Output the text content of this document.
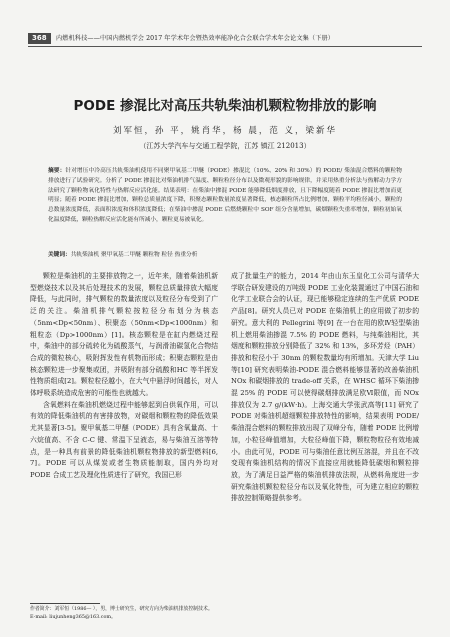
368	内燃机科技——中国内燃机学会 2017 年学术年会暨热效率能净化合会联合学术年会论文集（下册）
PODE 掺混比对高压共轨柴油机颗粒物排放的影响
刘军恒，孙 平，姚肖华，杨 晨，范 义，梁新华
（江苏大学汽车与交通工程学院，江苏 镇江 212013）
摘要：针对增压中冷高压共轨柴油机使用不同聚甲氧基二甲醚（PODE）掺混比（10%、20% 和 30%）的 PODE/ 柴油混合燃料的颗粒物排放进行了试验研究。分析了 PODE 掺混比对柴油机排气温度、颗粒粒径分布以及微观形貌的影响规律，并采用热重分析法与热解动力学方法研究了颗粒物氧化特性与热解反应活化能。结果表明：在柴油中掺混 PODE 能够降低烟度排放，且下降幅度随着 PODE 掺混比增加而更明显；随着 PODE 掺混比增加，颗粒总质量浓度下降，积聚态颗粒数量浓度显著降低，核态颗粒所占比例增加，颗粒平均粒径减小，颗粒的总数量浓度降低，表面积浓度和体积浓度降低；在柴油中掺混 PODE 后燃烧颗粒中 SOF 组分含量增加，碳烟颗粒失重率增加，颗粒初始氧化温度降低，颗粒热解反应活化能有所减小，颗粒更易被氧化。
关键词：共轨柴油机 聚甲氧基二甲醚 颗粒物 粒径 热重分析

颗粒是柴油机的主要排放物之一，近年来，随着柴油机新型燃烧技术以及其后处理技术的发展，颗粒总质量排放大幅度降低，与此同时，排气颗粒的数量浓度以及粒径分布受到了广泛的关注。柴油机排气颗粒按粒径分布划分为核态（5nm<Dp<50nm）、积聚态（50nm<Dp<1000nm）和粗粒态（Dp>1000nm）[1]。核态颗粒是在缸内燃烧过程中，柴油中的部分硫转化为硫酸蒸气，与润滑油碳氢化合物结合成的微粒核心，吸附挥发性有机物而形成；积聚态颗粒是由核态颗粒进一步聚集或团，并吸附有部分硫酸和HC 等半挥发性物质组成[2]。颗粒粒径越小，在大气中悬浮时间越长，对人体呼吸系统造成危害的可能性也就越大。

含氧燃料在柴油机燃烧过程中能够起到自供氧作用，可以有效的降低柴油机的有害排放物，对碳烟和颗粒物的降低效果尤其显著[3-5]。聚甲氧基二甲醚（PODE）具有含氧量高、十六烷值高、不含 C-C 键、常温下呈液态，易与柴油互溶等特点，是一种具有前景的降低柴油机颗粒物排放的新型燃料[6, 7]。PODE 可以从煤炭或者生物质能制取，国内外均对 PODE 合成工艺及理化性质进行了研究，我国已形

成了批量生产的能力，2014 年由山东玉皇化工公司与清华大学联合研发建设的万吨级 PODE 工业化装置通过了中国石油和化学工业联合会的认证，现已能够稳定连续的生产优质 PODE 产品[8]。研究人员已对 PODE 在柴油机上的应用做了初步的研究。意大利的 Pellegrini 等[9] 在一台在用的欧Ⅳ轻型柴油机上燃用柴油掺混 7.5% 的 PODE 燃料，与纯柴油相比，其烟度和颗粒排放分别降低了 32% 和 13%，多环芳烃（PAH）排放和粒径小于 30nm 的颗粒数量均有所增加。天津大学 Liu 等[10] 研究表明柴油-PODE 混合燃料能够显著的改善柴油机 NOx 和碳烟排放的 trade-off 关系，在 WHSC 循环下柴油掺混 25% 的 PODE 可以使得碳烟排放满足欧Ⅵ限值，而 NOx 排放仅为 2.7 g/(kW·h)。上海交通大学张武高等[11] 研究了 PODE 对柴油机超细颗粒排放特性的影响，结果表明 PODE/ 柴油混合燃料的颗粒排放出现了双峰分布，随着 PODE 比例增加，小粒径峰值增加，大粒径峰值下降，颗粒物粒径有效地减小。由此可见，PODE 可与柴油任意比例互溶混，并且在不改变现有柴油机结构的情况下直接应用就能降低碳烟和颗粒排放，为了满足日益严格的柴油机排放法规，从燃料角度进一步研究柴油机颗粒粒径分布以及氧化特性，可为建立相应的颗粒排放控制策略提供参考。

作者简介：刘军恒（1986— ），男，博士研究生，研究方向为柴油机排放控制技术。
E-mail: liujunheng365@163.com。
